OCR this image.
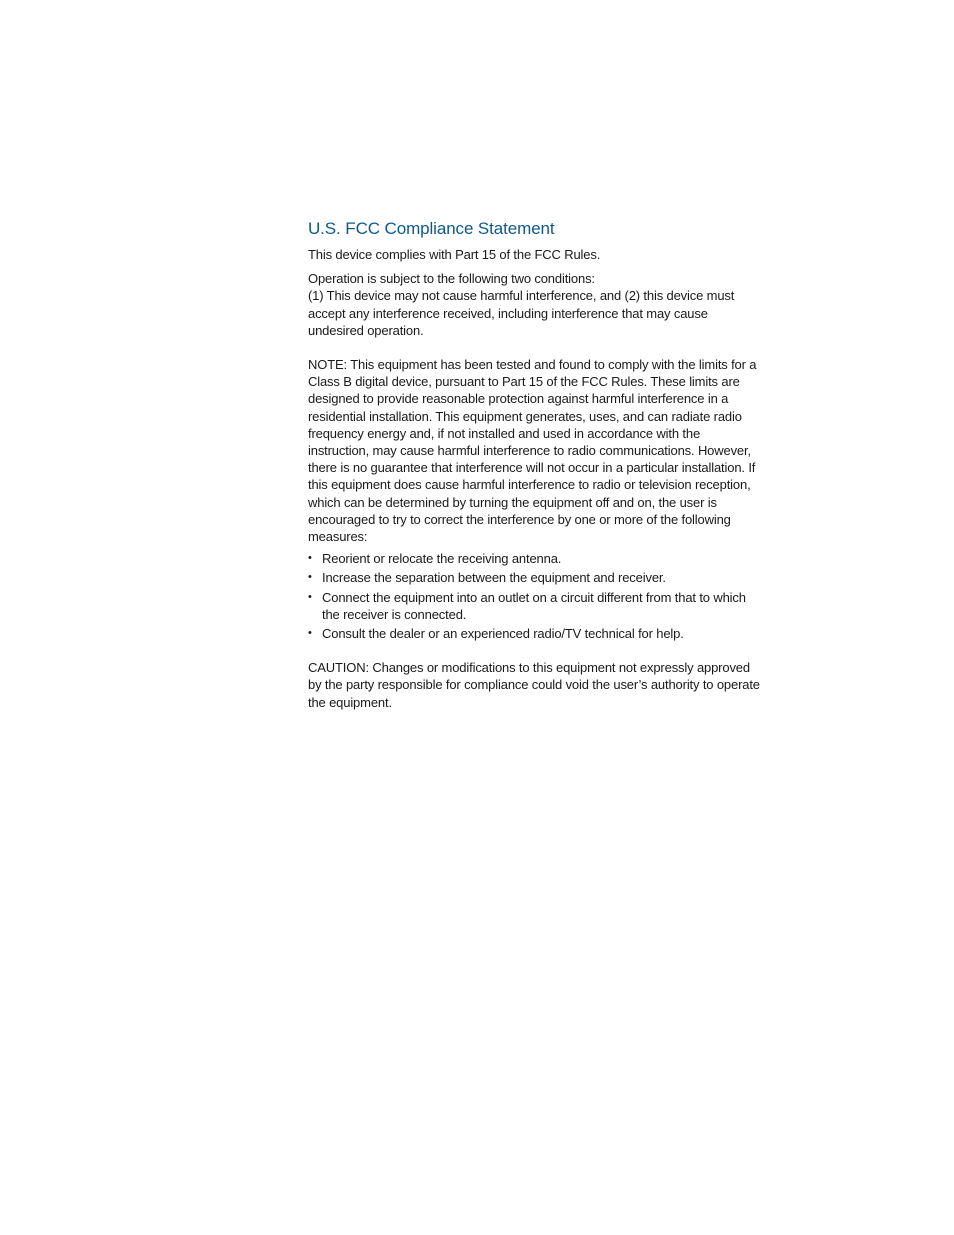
U.S. FCC Compliance Statement

This device complies with Part 15 of the FCC Rules.

Operation is subject to the following two conditions:

(1) This device may not cause harmful interference, and (2) this device must accept any interference received, including interference that may cause undesired operation.

NOTE: This equipment has been tested and found to comply with the limits for a Class B digital device, pursuant to Part 15 of the FCC Rules. These limits are designed to provide reasonable protection against harmful interference in a residential installation. This equipment generates, uses, and can radiate radio frequency energy and, if not installed and used in accordance with the instruction, may cause harmful interference to radio communications. However, there is no guarantee that interference will not occur in a particular installation. If this equipment does cause harmful interference to radio or television reception, which can be determined by turning the equipment off and on, the user is encouraged to try to correct the interference by one or more of the following measures:

• Reorient or relocate the receiving antenna.
• Increase the separation between the equipment and receiver.
• Connect the equipment into an outlet on a circuit different from that to which the receiver is connected.
• Consult the dealer or an experienced radio/TV technical for help.

CAUTION: Changes or modifications to this equipment not expressly approved by the party responsible for compliance could void the user’s authority to operate the equipment.
